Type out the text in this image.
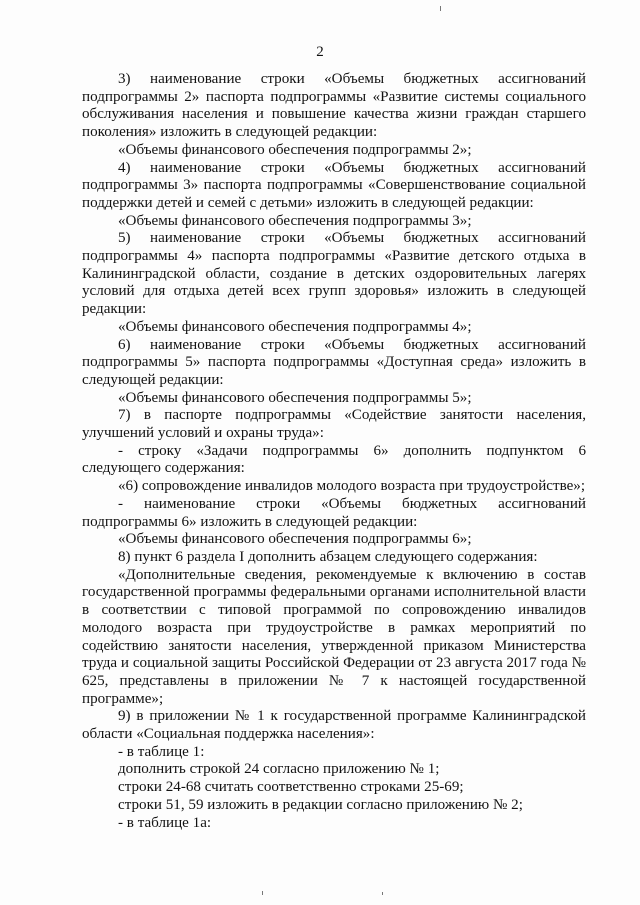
2

3) наименование строки «Объемы бюджетных ассигнований подпрограммы 2» паспорта подпрограммы «Развитие системы социального обслуживания населения и повышение качества жизни граждан старшего поколения» изложить в следующей редакции:

«Объемы финансового обеспечения подпрограммы 2»;

4) наименование строки «Объемы бюджетных ассигнований подпрограммы 3» паспорта подпрограммы «Совершенствование социальной поддержки детей и семей с детьми» изложить в следующей редакции:

«Объемы финансового обеспечения подпрограммы 3»;

5) наименование строки «Объемы бюджетных ассигнований подпрограммы 4» паспорта подпрограммы «Развитие детского отдыха в Калининградской области, создание в детских оздоровительных лагерях условий для отдыха детей всех групп здоровья» изложить в следующей редакции:

«Объемы финансового обеспечения подпрограммы 4»;

6) наименование строки «Объемы бюджетных ассигнований подпрограммы 5» паспорта подпрограммы «Доступная среда» изложить в следующей редакции:

«Объемы финансового обеспечения подпрограммы 5»;

7) в паспорте подпрограммы «Содействие занятости населения, улучшений условий и охраны труда»:

- строку «Задачи подпрограммы 6» дополнить подпунктом 6 следующего содержания:

«6) сопровождение инвалидов молодого возраста при трудоустройстве»;

- наименование строки «Объемы бюджетных ассигнований подпрограммы 6» изложить в следующей редакции:

«Объемы финансового обеспечения подпрограммы 6»;

8) пункт 6 раздела I дополнить абзацем следующего содержания:

«Дополнительные сведения, рекомендуемые к включению в состав государственной программы федеральными органами исполнительной власти в соответствии с типовой программой по сопровождению инвалидов молодого возраста при трудоустройстве в рамках мероприятий по содействию занятости населения, утвержденной приказом Министерства труда и социальной защиты Российской Федерации от 23 августа 2017 года № 625, представлены в приложении № 7 к настоящей государственной программе»;

9) в приложении № 1 к государственной программе Калининградской области «Социальная поддержка населения»:

- в таблице 1:

дополнить строкой 24 согласно приложению № 1;

строки 24-68 считать соответственно строками 25-69;

строки 51, 59 изложить в редакции согласно приложению № 2;

- в таблице 1а:
